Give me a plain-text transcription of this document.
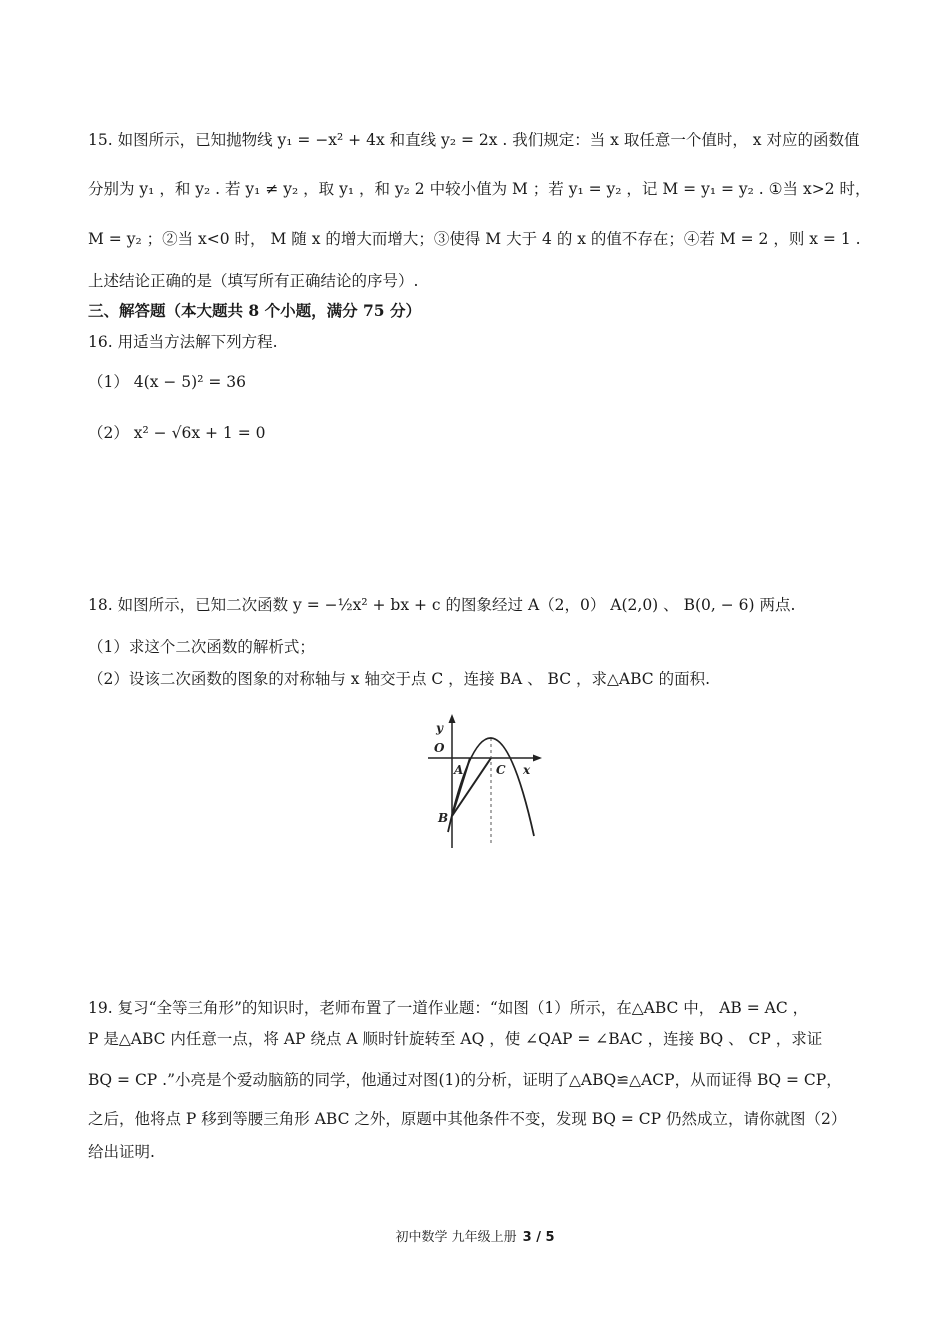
15. 如图所示，已知抛物线 y₁ = −x² + 4x 和直线 y₂ = 2x . 我们规定：当 x 取任意一个值时， x 对应的函数值
分别为 y₁ ，和 y₂ . 若 y₁ ≠ y₂ ，取 y₁ ，和 y₂ 2 中较小值为 M ；若 y₁ = y₂ ，记 M = y₁ = y₂ . ①当 x>2 时，
M = y₂ ；②当 x<0 时， M 随 x 的增大而增大；③使得 M 大于 4 的 x 的值不存在；④若 M = 2 ，则 x = 1 .
上述结论正确的是（填写所有正确结论的序号）.
三、解答题（本大题共 8 个小题，满分 75 分）
16. 用适当方法解下列方程.
（1） 4(x − 5)² = 36
（2） x² − √6x + 1 = 0
18. 如图所示，已知二次函数 y = −½x² + bx + c 的图象经过 A（2，0） A(2,0) 、 B(0, − 6) 两点.
（1）求这个二次函数的解析式；
（2）设该二次函数的图象的对称轴与 x 轴交于点 C ，连接 BA 、 BC ，求△ABC 的面积.
y
O
A	C x
B
19. 复习“全等三角形”的知识时，老师布置了一道作业题：“如图（1）所示，在△ABC 中， AB = AC ，
P 是△ABC 内任意一点，将 AP 绕点 A 顺时针旋转至 AQ ，使 ∠QAP = ∠BAC ，连接 BQ 、 CP ，求证
BQ = CP .”小亮是个爱动脑筋的同学，他通过对图(1)的分析，证明了△ABQ≌△ACP，从而证得 BQ = CP，
之后，他将点 P 移到等腰三角形 ABC 之外，原题中其他条件不变，发现 BQ = CP 仍然成立，请你就图（2）
给出证明.
初中数学 九年级上册 3 / 5
